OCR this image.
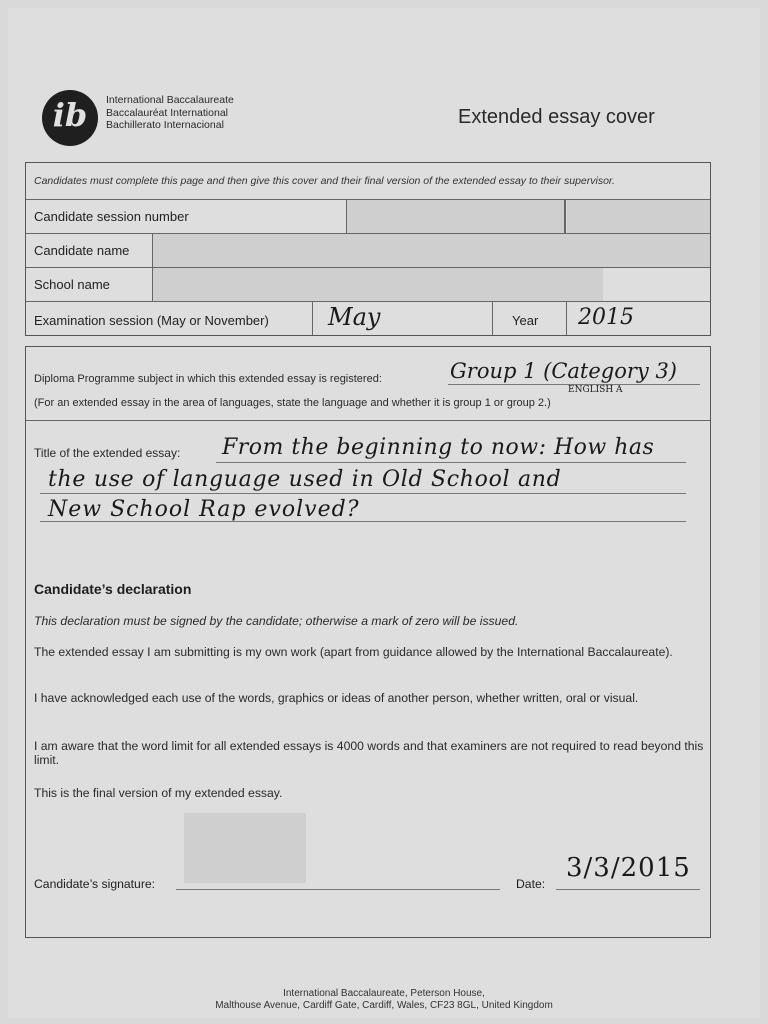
ib	International Baccalaureate
Baccalauréat International
Bachillerato Internacional	Extended essay cover
Candidates must complete this page and then give this cover and their final version of the extended essay to their supervisor.
Candidate session number
Candidate name
School name
Examination session (May or November) May	Year 2015
Diploma Programme subject in which this extended essay is registered:	Group 1 (Category 3)
ENGLISH A
(For an extended essay in the area of languages, state the language and whether it is group 1 or group 2.)
Title of the extended essay: From the beginning to now: How has
the use of language used in Old School and
New School Rap evolved?
Candidate’s declaration
This declaration must be signed by the candidate; otherwise a mark of zero will be issued.
The extended essay I am submitting is my own work (apart from guidance allowed by the International Baccalaureate).
I have acknowledged each use of the words, graphics or ideas of another person, whether written, oral or visual.
I am aware that the word limit for all extended essays is 4000 words and that examiners are not required to read beyond this limit.
This is the final version of my extended essay.
Candidate’s signature:	Date:
3/3/2015
International Baccalaureate, Peterson House,
Malthouse Avenue, Cardiff Gate, Cardiff, Wales, CF23 8GL, United Kingdom
